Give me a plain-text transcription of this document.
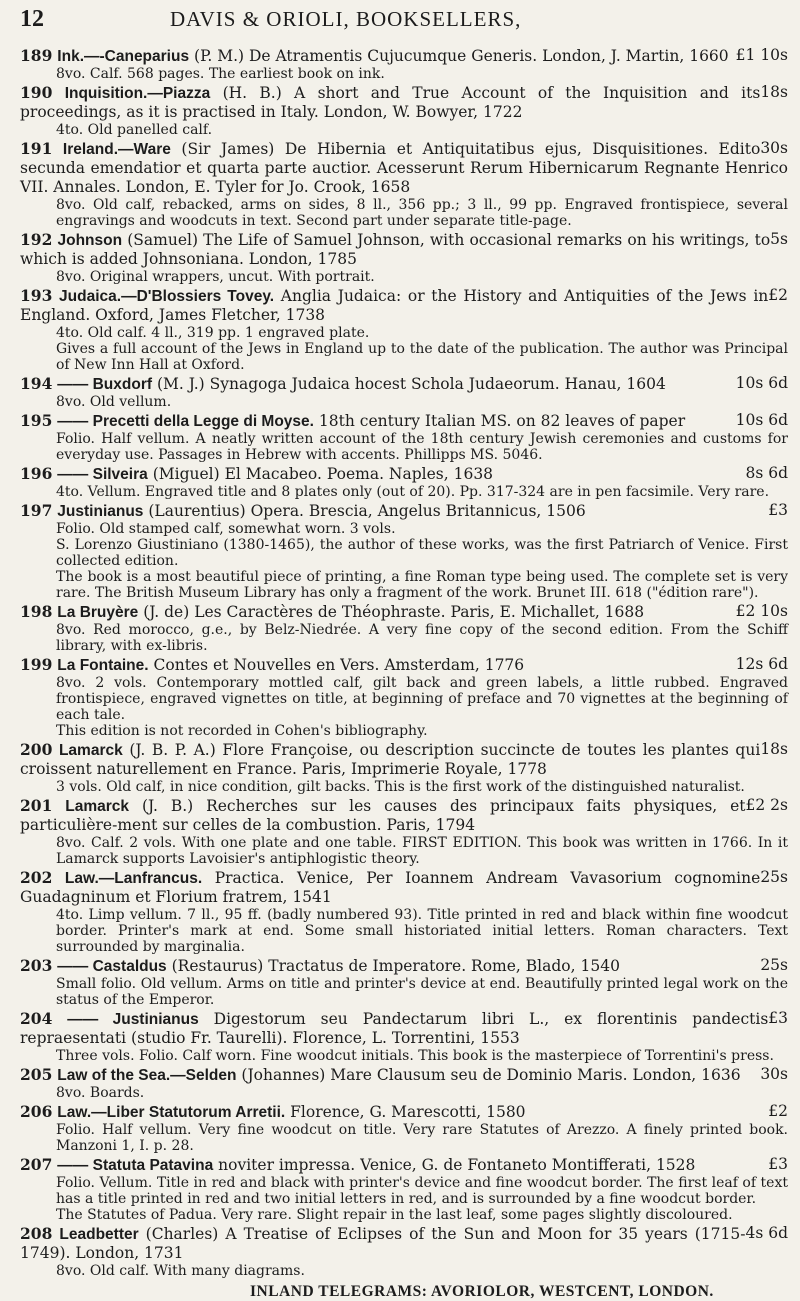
12	DAVIS & ORIOLI, BOOKSELLERS,

£1 10s
189 Ink.—-Caneparius (P. M.) De Atramentis Cujucumque Generis. London, J. Martin, 1660

8vo. Calf. 568 pages. The earliest book on ink.

18s
190 Inquisition.—Piazza (H. B.) A short and True Account of the Inquisition and its proceedings, as it is practised in Italy. London, W. Bowyer, 1722

4to. Old panelled calf.

30s
191 Ireland.—Ware (Sir James) De Hibernia et Antiquitatibus ejus, Disquisitiones. Edito secunda emendatior et quarta parte auctior. Acesserunt Rerum Hibernicarum Regnante Henrico VII. Annales. London, E. Tyler for Jo. Crook, 1658

8vo. Old calf, rebacked, arms on sides, 8 ll., 356 pp.; 3 ll., 99 pp. Engraved frontispiece, several engravings and woodcuts in text. Second part under separate title-page.

5s
192 Johnson (Samuel) The Life of Samuel Johnson, with occasional remarks on his writings, to which is added Johnsoniana. London, 1785

8vo. Original wrappers, uncut. With portrait.

£2
193 Judaica.—D'Blossiers Tovey. Anglia Judaica: or the History and Antiquities of the Jews in England. Oxford, James Fletcher, 1738

4to. Old calf. 4 ll., 319 pp. 1 engraved plate.

Gives a full account of the Jews in England up to the date of the publication. The author was Principal of New Inn Hall at Oxford.

10s 6d
194 —— Buxdorf (M. J.) Synagoga Judaica hocest Schola Judaeorum. Hanau, 1604

8vo. Old vellum.

10s 6d
195 —— Precetti della Legge di Moyse. 18th century Italian MS. on 82 leaves of paper

Folio. Half vellum. A neatly written account of the 18th century Jewish ceremonies and customs for everyday use. Passages in Hebrew with accents. Phillipps MS. 5046.

8s 6d
196 —— Silveira (Miguel) El Macabeo. Poema. Naples, 1638

4to. Vellum. Engraved title and 8 plates only (out of 20). Pp. 317-324 are in pen facsimile. Very rare.

£3
197 Justinianus (Laurentius) Opera. Brescia, Angelus Britannicus, 1506

Folio. Old stamped calf, somewhat worn. 3 vols.

S. Lorenzo Giustiniano (1380-1465), the author of these works, was the first Patriarch of Venice. First collected edition.

The book is a most beautiful piece of printing, a fine Roman type being used. The complete set is very rare. The British Museum Library has only a fragment of the work. Brunet III. 618 ("édition rare").

£2 10s
198 La Bruyère (J. de) Les Caractères de Théophraste. Paris, E. Michallet, 1688

8vo. Red morocco, g.e., by Belz-Niedrée. A very fine copy of the second edition. From the Schiff library, with ex-libris.

12s 6d
199 La Fontaine. Contes et Nouvelles en Vers. Amsterdam, 1776

8vo. 2 vols. Contemporary mottled calf, gilt back and green labels, a little rubbed. Engraved frontispiece, engraved vignettes on title, at beginning of preface and 70 vignettes at the beginning of each tale.

This edition is not recorded in Cohen's bibliography.

18s
200 Lamarck (J. B. P. A.) Flore Françoise, ou description succincte de toutes les plantes qui croissent naturellement en France. Paris, Imprimerie Royale, 1778

3 vols. Old calf, in nice condition, gilt backs. This is the first work of the distinguished naturalist.

£2 2s
201 Lamarck (J. B.) Recherches sur les causes des principaux faits physiques, et particulière-ment sur celles de la combustion. Paris, 1794

8vo. Calf. 2 vols. With one plate and one table. FIRST EDITION. This book was written in 1766. In it Lamarck supports Lavoisier's antiphlogistic theory.

25s
202 Law.—Lanfrancus. Practica. Venice, Per Ioannem Andream Vavasorium cognomine Guadagninum et Florium fratrem, 1541

4to. Limp vellum. 7 ll., 95 ff. (badly numbered 93). Title printed in red and black within fine woodcut border. Printer's mark at end. Some small historiated initial letters. Roman characters. Text surrounded by marginalia.

25s
203 —— Castaldus (Restaurus) Tractatus de Imperatore. Rome, Blado, 1540

Small folio. Old vellum. Arms on title and printer's device at end. Beautifully printed legal work on the status of the Emperor.

£3
204 —— Justinianus Digestorum seu Pandectarum libri L., ex florentinis pandectis repraesentati (studio Fr. Taurelli). Florence, L. Torrentini, 1553

Three vols. Folio. Calf worn. Fine woodcut initials. This book is the masterpiece of Torrentini's press.

30s
205 Law of the Sea.—Selden (Johannes) Mare Clausum seu de Dominio Maris. London, 1636

8vo. Boards.

£2
206 Law.—Liber Statutorum Arretii. Florence, G. Marescotti, 1580

Folio. Half vellum. Very fine woodcut on title. Very rare Statutes of Arezzo. A finely printed book. Manzoni 1, I. p. 28.

£3
207 —— Statuta Patavina noviter impressa. Venice, G. de Fontaneto Montifferati, 1528

Folio. Vellum. Title in red and black with printer's device and fine woodcut border. The first leaf of text has a title printed in red and two initial letters in red, and is surrounded by a fine woodcut border.

The Statutes of Padua. Very rare. Slight repair in the last leaf, some pages slightly discoloured.

4s 6d
208 Leadbetter (Charles) A Treatise of Eclipses of the Sun and Moon for 35 years (1715-1749). London, 1731

8vo. Old calf. With many diagrams.

INLAND TELEGRAMS: AVORIOLOR, WESTCENT, LONDON.
